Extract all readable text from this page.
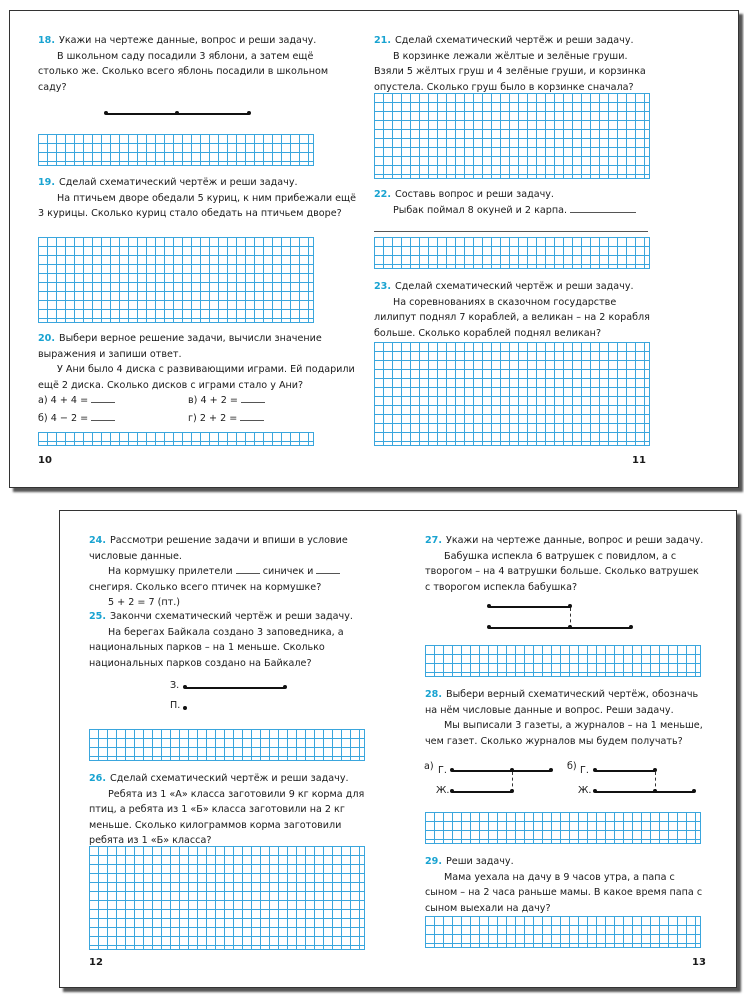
18. Укажи на чертеже данные, вопрос и реши задачу.

В школьном саду посадили 3 яблони, а затем ещё столько же. Сколько всего яблонь посадили в школьном саду?

19. Сделай схематический чертёж и реши задачу.

На птичьем дворе обедали 5 куриц, к ним прибежали ещё 3 курицы. Сколько куриц стало обедать на птичьем дворе?

20. Выбери верное решение задачи, вычисли значение выражения и запиши ответ.

У Ани было 4 диска с развивающими играми. Ей подарили ещё 2 диска. Сколько дисков с играми стало у Ани?

а) 4 + 4 =	в) 4 + 2 =
б) 4 − 2 =	г) 2 + 2 =
10
21. Сделай схематический чертёж и реши задачу.

В корзинке лежали жёлтые и зелёные груши. Взяли 5 жёлтых груш и 4 зелёные груши, и корзинка опустела. Сколько груш было в корзинке сначала?

22. Составь вопрос и реши задачу.

Рыбак поймал 8 окуней и 2 карпа.

23. Сделай схематический чертёж и реши задачу.

На соревнованиях в сказочном государстве лилипут поднял 7 кораблей, а великан – на 2 корабля больше. Сколько кораблей поднял великан?

11
24. Рассмотри решение задачи и впиши в условие числовые данные.

На кормушку прилетели	синичек и  снегиря. Сколько всего птичек на кормушке?

5 + 2 = 7 (пт.)

25. Закончи схематический чертёж и реши задачу.

На берегах Байкала создано 3 заповедника, а национальных парков – на 1 меньше. Сколько национальных парков создано на Байкале?

З.
П.
26. Сделай схематический чертёж и реши задачу.

Ребята из 1 «А» класса заготовили 9 кг корма для птиц, а ребята из 1 «Б» класса заготовили на 2 кг меньше. Сколько килограммов корма заготовили ребята из 1 «Б» класса?

12
27. Укажи на чертеже данные, вопрос и реши задачу.

Бабушка испекла 6 ватрушек с повидлом, а с творогом – на 4 ватрушки больше. Сколько ватрушек с творогом испекла бабушка?

28. Выбери верный схематический чертёж, обозначь на нём числовые данные и вопрос. Реши задачу.

Мы выписали 3 газеты, а журналов – на 1 меньше, чем газет. Сколько журналов мы будем получать?

а) Г.
Ж.
б) Г.
Ж.
29. Реши задачу.

Мама уехала на дачу в 9 часов утра, а папа с сыном – на 2 часа раньше мамы. В какое время папа с сыном выехали на дачу?

13
